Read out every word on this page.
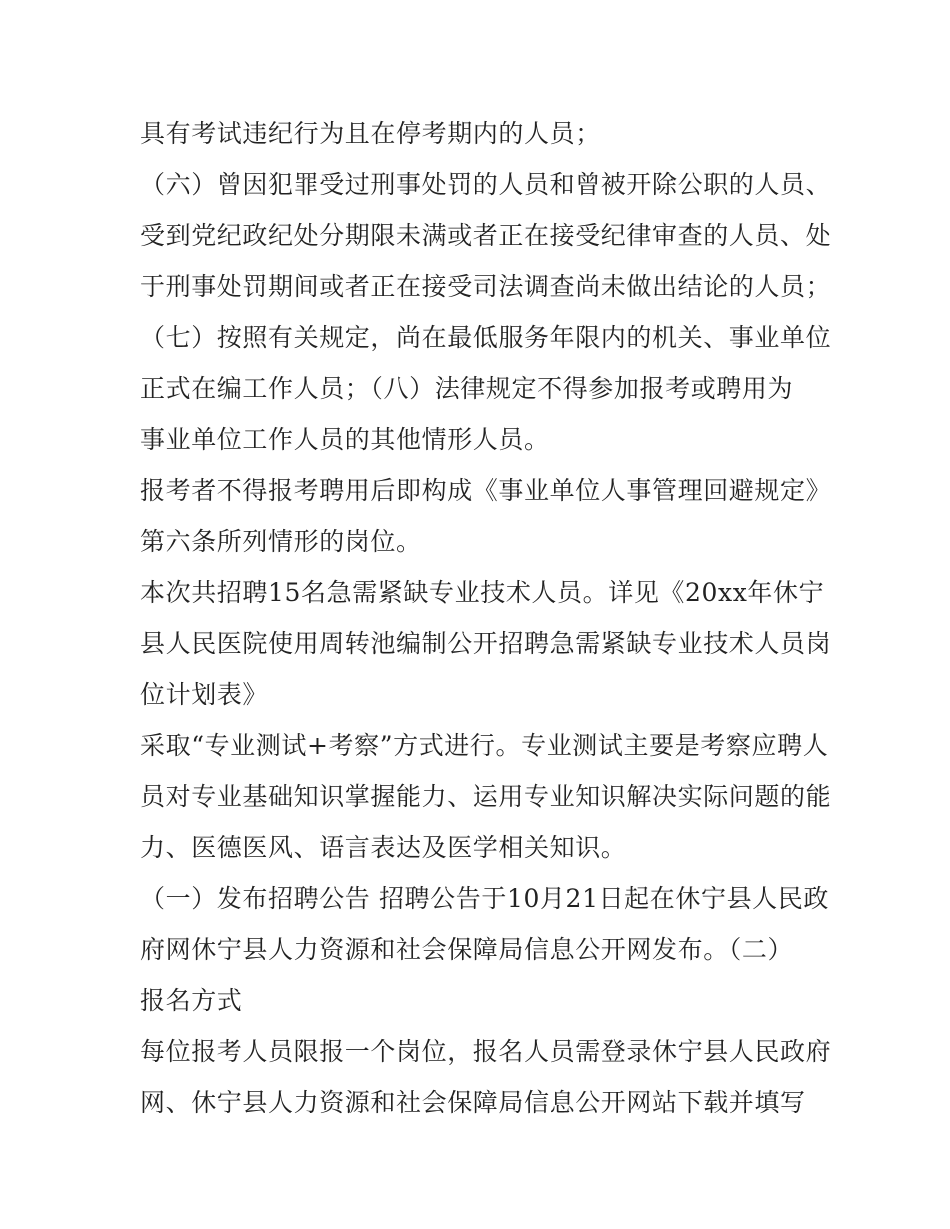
具有考试违纪行为且在停考期内的人员；
（六）曾因犯罪受过刑事处罚的人员和曾被开除公职的人员、
受到党纪政纪处分期限未满或者正在接受纪律审查的人员、处
于刑事处罚期间或者正在接受司法调查尚未做出结论的人员；
（七）按照有关规定，尚在最低服务年限内的机关、事业单位
正式在编工作人员；（八）法律规定不得参加报考或聘用为
事业单位工作人员的其他情形人员。
报考者不得报考聘用后即构成《事业单位人事管理回避规定》
第六条所列情形的岗位。
本次共招聘15名急需紧缺专业技术人员。详见《20xx年休宁
县人民医院使用周转池编制公开招聘急需紧缺专业技术人员岗
位计划表》
采取“专业测试+考察”方式进行。专业测试主要是考察应聘人
员对专业基础知识掌握能力、运用专业知识解决实际问题的能
力、医德医风、语言表达及医学相关知识。
（一）发布招聘公告 招聘公告于10月21日起在休宁县人民政
府网休宁县人力资源和社会保障局信息公开网发布。（二）
报名方式
每位报考人员限报一个岗位，报名人员需登录休宁县人民政府
网、休宁县人力资源和社会保障局信息公开网站下载并填写
